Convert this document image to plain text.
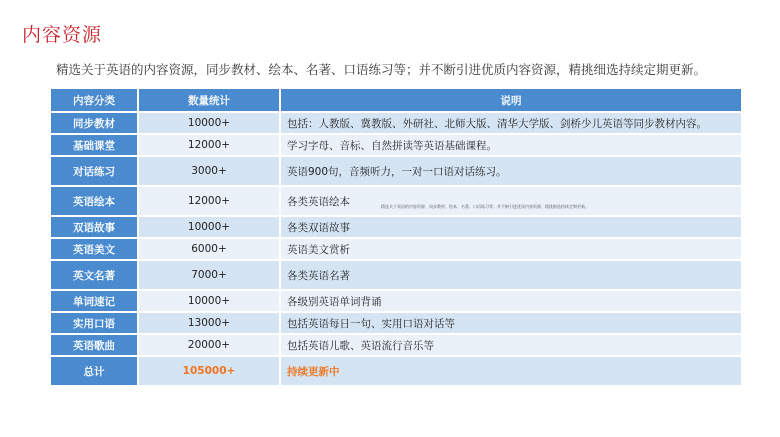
内容资源
精选关于英语的内容资源，同步教材、绘本、名著、口语练习等；并不断引进优质内容资源，精挑细选持续定期更新。
内容分类	数量统计	说明
同步教材	10000+	包括：人教版、冀教版、外研社、北师大版、清华大学版、剑桥少儿英语等同步教材内容。
基础课堂	12000+	学习字母、音标、自然拼读等英语基础课程。
对话练习	3000+	英语900句，音频听力，一对一口语对话练习。
英语绘本	12000+	各类英语绘本 精选关于英语的内容资源，同步教材、绘本、名著、口语练习等；并不断引进优质内容资源，精挑细选持续定期更新。

双语故事	10000+	各类双语故事
英语美文	6000+	英语美文赏析
英文名著	7000+	各类英语名著
单词速记	10000+	各级别英语单词背诵
实用口语	13000+	包括英语每日一句、实用口语对话等
英语歌曲	20000+	包括英语儿歌、英语流行音乐等
总计	105000+	持续更新中
